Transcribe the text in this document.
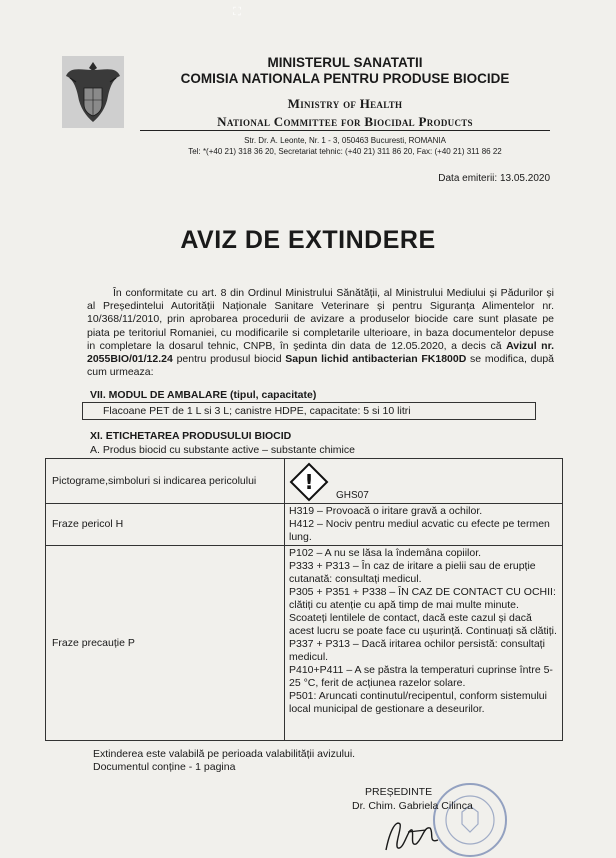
⛶
MINISTERUL SANATATII
COMISIA NATIONALA PENTRU PRODUSE BIOCIDE
Ministry of Health
National Committee for Biocidal Products
Str. Dr. A. Leonte, Nr. 1 - 3, 050463 Bucuresti, ROMANIA
Tel: *(+40 21) 318 36 20, Secretariat tehnic: (+40 21) 311 86 20, Fax: (+40 21) 311 86 22
Data emiterii: 13.05.2020
AVIZ DE EXTINDERE
În conformitate cu art. 8 din Ordinul Ministrului Sănătății, al Ministrului Mediului și Pădurilor și al Președintelui Autorității Naționale Sanitare Veterinare și pentru Siguranța Alimentelor nr. 10/368/11/2010, prin aprobarea procedurii de avizare a produselor biocide care sunt plasate pe piata pe teritoriul Romaniei, cu modificarile si completarile ulterioare, in baza documentelor depuse in completare la dosarul tehnic, CNPB, în şedinta din data de 12.05.2020, a decis că Avizul nr. 2055BIO/01/12.24 pentru produsul biocid Sapun lichid antibacterian FK1800D se modifica, după cum urmeaza:
VII. MODUL DE AMBALARE (tipul, capacitate)
Flacoane PET de 1 L si 3 L; canistre HDPE, capacitate: 5 si 10 litri
XI. ETICHETAREA PRODUSULUI BIOCID
A. Produs biocid cu substante active – substante chimice
Pictograme,simboluri si indicarea pericolului !
GHS07
Fraze pericol H
H319 – Provoacă o iritare gravă a ochilor.
H412 – Nociv pentru mediul acvatic cu efecte pe termen lung.
Fraze precauție P
P102 – A nu se lăsa la îndemâna copiilor.
P333 + P313 – În caz de iritare a pielii sau de erupție cutanată: consultați medicul.
P305 + P351 + P338 – ÎN CAZ DE CONTACT CU OCHII: clătiți cu atenție cu apă timp de mai multe minute. Scoateți lentilele de contact, dacă este cazul și dacă acest lucru se poate face cu ușurință. Continuați să clătiți.
P337 + P313 – Dacă iritarea ochilor persistă: consultați medicul.
P410+P411 – A se păstra la temperaturi cuprinse între 5-25 °C, ferit de acțiunea razelor solare.
P501: Aruncati continutul/recipentul, conform sistemului local municipal de gestionare a deseurilor.
Extinderea este valabilă pe perioada valabilității avizului.
Documentul conține - 1 pagina
PREȘEDINTE
Dr. Chim. Gabriela Cilinca
